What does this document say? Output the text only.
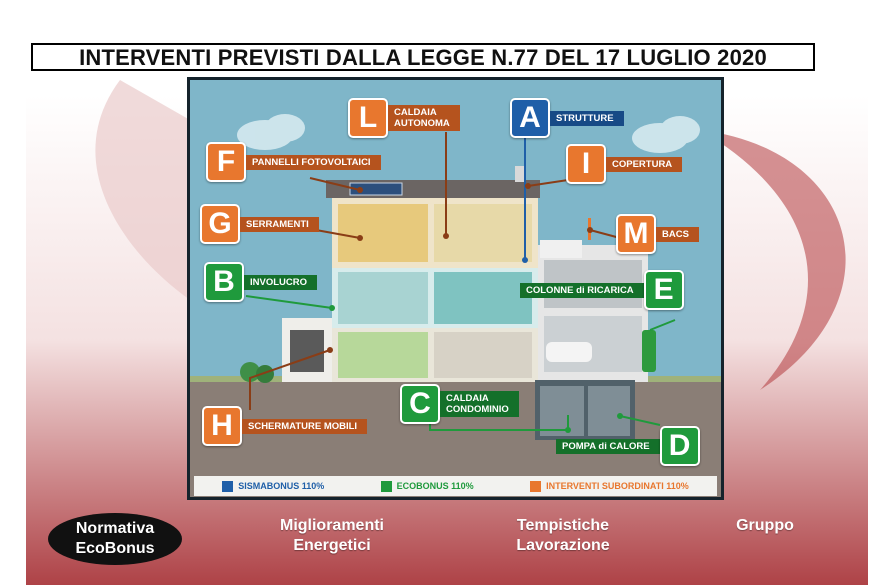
INTERVENTI PREVISTI DALLA LEGGE N.77 DEL 17 LUGLIO 2020
L	CALDAIA
AUTONOMA	A	STRUTTURE
F	PANNELLI FOTOVOLTAICI	I	COPERTURA
G	SERRAMENTI	M	BACS
B	INVOLUCRO	E
COLONNE di RICARICA
C	CALDAIA
CONDOMINIO
H	SCHERMATURE MOBILI
D
POMPA di CALORE
SISMABONUS 110%	ECOBONUS 110%	INTERVENTI SUBORDINATI 110%
Normativa
EcoBonus
Miglioramenti
Energetici
Tempistiche
Lavorazione
Gruppo
